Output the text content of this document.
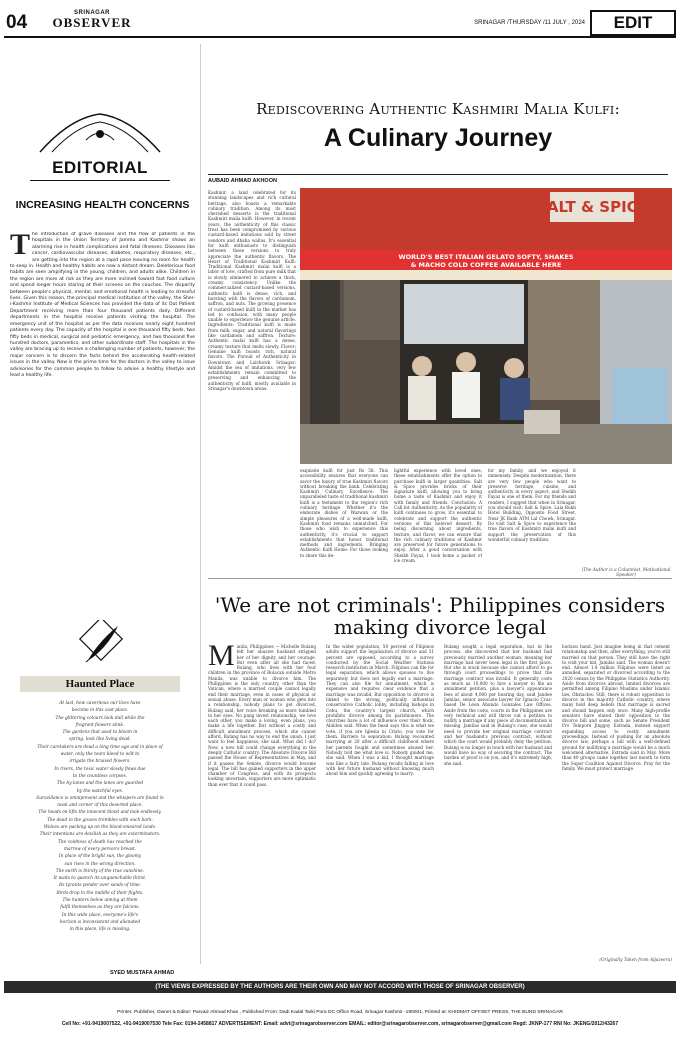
04	SRINAGAR
OBSERVER	SRINAGAR /THURSDAY /11 JULY , 2024	EDIT
EDITORIAL
INCREASING HEALTH CONCERNS
The introduction of grave diseases and the flow of patients in the hospitals in the Union Territory of Jammu and Kashmir shows an alarming rise in health complications and fatal illnesses. Diseases like cancer, cardiovascular diseases, diabetes, respiratory diseases, etc., are getting into the region at a rapid pace leaving no room for health to seep in. Health and healthy habits are now a distant dream. Deleterious food habits are seen amplifying in the young, children, and adults alike. Children in the region are more at risk as they are more inclined toward fast food culture and spend longer hours staring at their screens on the couches. The disparity between people's physical, mental, and emotional health is leading to stressful lives. Given this reason, the principal medical institution of the valley, the Sher-i-Kashmir Institute of Medical Sciences has provided the data of its Out Patient Department receiving more than four thousand patients daily. Different departments in the hospital receive patients visiting the hospital. The emergency unit of the hospital as per the data receives nearly eight hundred patients every day. The capacity of the hospital is one thousand fifty beds, two fifty beds in medical, surgical and pediatric emergency, and two thousand five hundred doctors, paramedics, and other subordinate staff. The hospitals in the valley are bracing up to receive a challenging number of patients, however, the major concern is to discern the facts behind the accelerating health-related issues in the valley. Now is the prime time for the doctors in the valley to issue advisories for the common people to follow to advise a healthy lifestyle and lead a healthy life.
Haunted Place
At last, how cavernous our lives have
become in this vast place.
The glittering colours look dull while the
fragrant flowers stink.
The gardens that used to bloom in
spring, look like living dead.
Their caretakers are dead a long time ago and in place of
water, only the tears bleed to wilt to
irrigate the bruised flowers.
In rivers, the toxic water slowly flows due
to the countless corpses.
The by-lanes and the lanes are guarded
by the watchful eyes.
Surveillance is omnipresent and the whispers are found in
nook and corner of this deserted place.
The heads on lifts the innocent blood and look endlessly.
The dead in the graves trembles with each bark.
Wolves are packing up on the blood-smeared lands.
Their intentions are devilish as they are exterminators.
The coldness of death has reached the
marrow of every person's breast.
In place of the bright sun, the gloomy
sun rises in the wrong direction.
The earth is thirsty of the true sunshine.
It waits to quench its unquenchable thirst.
Its tyrants ponder over sands of time.
Birds drop in the middle of their flights.
The hunters below aiming at them
fulfil themselves as they are falcons.
In this wide place, everyone's life's
horizon is inconsistent and alienated
in this place, life is missing.
SYED MUSTAFA AHMAD
Rediscovering Authentic Kashmiri Malia Kulfi:
A Culinary Journey
AUBAID AHMAD AKHOON
Kashmir, a land celebrated for its stunning landscapes and rich cultural heritage, also boasts a remarkable culinary tradition. Among its most cherished desserts is the traditional Kashmiri malia kulfi. However, in recent years, the authenticity of this classic treat has been compromised by various custard-based imitations sold by street vendors and dhaba wallas. It's essential for kulfi enthusiasts to distinguish between these versions to truly appreciate the authentic flavors. The Heart of Traditional Kashmiri Kulfi: Traditional Kashmiri malai kulfi is a labor of love, crafted from pure milk that is slowly simmered to achieve a thick, creamy consistency. Unlike the commercialized custard-based versions, authentic kulfi is dense, rich, and bursting with the flavors of cardamom, saffron, and nuts. The growing presence of custard-based kulfi in the market has led to confusion, with many people unable to experience the genuine article. Ingredients: Traditional kulfi is made from milk, sugar, and natural flavorings like cardamom and saffron. Texture: Authentic malai kulfi has a dense, creamy texture that melts slowly. Flavor: Genuine kulfi boasts rich, natural flavors. The Pursuit of Authenticity in Downtown and Lalchowk Srinagar: Amidst the sea of imitations, very few establishments remain committed to preserving and enhancing the authenticity of kulfi, mostly available in Srinagar's downtown areas.
SALT & SPICE
WORLD'S BEST ITALIAN GELATO SOFTY, SHAKES
& MACHO COLD COFFEE AVAILABLE HERE
exquisite kulfi for just Rs 58. This accessibility ensures that everyone can savor the luxury of true Kashmiri flavors without breaking the bank. Celebrating Kashmiri Culinary Excellence: The unparalleled taste of traditional Kashmiri kulfi is a testament to the region's rich culinary heritage. Whether it's the elaborate dishes of Wazwan or the simple pleasures of a well-made kulfi, Kashmiri food remains unmatched. For those who wish to experience this authenticity, it's crucial to support establishments that honor traditional methods and ingredients. Bringing Authentic Kulfi Home: For those looking to share this de-
lightful experience with loved ones, these establishments offer the option to purchase kulfi in larger quantities. Salt & Spice provides bricks of their signature kulfi, allowing you to bring home a taste of Kashmir and enjoy it with family and friends. Conclusion: A Call for Authenticity. As the popularity of kulfi continues to grow, it's essential to celebrate and support the authentic versions of this beloved dessert. By being discerning about ingredients, texture, and flavor, we can ensure that the rich culinary traditions of Kashmir are preserved for future generations to enjoy. After a good conversation with Sheikh Fayaz, I took home a packet of ice cream
for my family, and we enjoyed it immensely. Despite modernization, there are very few people who want to preserve heritage, cuisine, and authenticity in every aspect, and Sheikh Fayaz is one of them. For my friends and readers, I suggest that when in Srinagar, you should visit: Salt & Spice, Lala Rukh Hotel Building, Opposite Food Street, Near JK Bank ATM Lal Chowk, Srinagar. Do visit Salt & Spice to experience the true flavors of Kashmiri malai kulfi and support the preservation of this wonderful culinary tradition.
(The Author is a Columnist, Motivational Speaker)
'We are not criminals': Philippines considers making divorce legal
Manila, Philippines — Michelle Bulang felt her abusive husband stripped her of her dignity and her courage. But even after all she had faced, Bulang, who lives with her four children in the province of Bulacan outside Metro Manila, was unable to divorce him. The Philippines is the only country, other than the Vatican, where a married couple cannot legally end their marriage, even in cases of physical or sexual abuse. Every man or woman who gets into a relationship, nobody plans to get divorced, Bulang said, her voice breaking as more tumbled to her eyes. No pang invest relationship, we love each other, you make a loving, even plans, you make a life together. But without a costly and difficult annulment process, which she cannot afford, Bulang has no way to end the union. I just want to feel happiness, she said. What did I do? Now, a new bill could change everything in the deeply Catholic country. The Absolute Divorce Bill passed the House of Representatives in May, and if it passes the Senate, divorce would become legal. The bill has gained supporters in the upper chamber of Congress, and with its prospects looking uncertain, supporters are more optimistic than ever that it could pass.
In the wider population, 50 percent of Filipinos adults support the legalisation of divorce and 31 percent are opposed, according to a survey conducted by the Social Weather Stations research institution in March. Filipinos can file for legal separation, which allows spouses to live separately but does not legally end a marriage. They can also file for annulment, which is expensive and requires clear evidence that a marriage was invalid. But opposition to divorce is linked to the strong, politically influential conservative Catholic lobby, including bishops in Cebu, the country's largest church, which prohibits divorce among its parishioners. The churches have a lot of influence over their flock, Abilden said. When the head says this is what we vote, if you are Iglesia ni Cristo, you vote for them. Barriers to separation: Bulang recounted marrying at 20 after a difficult childhood where her parents fought and sometimes abused her. Nobody told me what love is. Nobody guided me, she said. When I was a kid, I thought marriage was like a fairy tale. Bulang recalls falling in love with her future husband without knowing much about him and quickly agreeing to marry.
Bulang sought a legal separation, but in the process, she discovered that her husband had previously married another woman, meaning her marriage had never been legal in the first place. But she is stuck because she cannot afford to go through court proceedings to prove that the marriage contract was invalid. It generally costs as much as 10,000 to hire a lawyer to file an annulment petition, plus a lawyer's appearance fees of about 4,000 per hearing day, said Jandee Jamilas, senior associate lawyer for Ignacio Cruz-based De Leon Abundo Gonzales Law Offices. Aside from the costs, courts in the Philippines are very technical and will throw out a petition to nullify a marriage if any piece of documentation is missing. Jamilas said in Bulang's case, she would need to provide her original marriage contract and her husband's previous contract, without which the court would probably deny the petition. Bulang is no longer in touch with her husband and would have no way of securing the contract. The burden of proof is on you, and it's extremely high, she said.
horizon band. Just imagine being in that cement relationship and then, after everything, you're still married on that person. They still have the right to visit your kid, Jamilas said. The woman doesn't end. Almost 1.8 million Filipinos were listed as annulled, separated or divorced according to the 2020 census by the Philippine Statistics Authority. Aside from divorces abroad, limited divorces are permitted among Filipino Muslims under Islamic law. Obstacles: Still, there is robust opposition to divorce in the majority Catholic country, where many hold deep beliefs that marriage is sacred and should happen only once. Many high-profile senators have stated their opposition to the divorce bill and some, such as Senate President Pro Tempore Jinggoy Estrada, instead support expanding access to costly annulment proceedings. Instead of pushing for an absolute divorce law, perhaps a bill with a well-defined ground for nullifying a marriage would be a much welcomed alternative, Estrada said in May. More than 40 groups came together last month to form the Super Coalition Against Divorce. Pray for the family. We must protect marriage.
(Originally Taken from Aljazeera)
(THE VIEWS EXPRESSED BY THE AUTHORS ARE THEIR OWN AND MAY NOT ACCORD WITH THOSE OF SRINAGAR OBSERVER)
Printer, Publisher, Owner & Editor: Parvaiz Ahmad Khan , Published From: Dadi Kadal Tarki Pora DC Office Road, Srinagar Kashmir -190001, Printed at: KHIDMAT OFFSET PRESS, THE BUND SRINAGAR
Cell No: +91-9419007522, +91-9419007530 Tele Fax: 0194-2458817 ADVERTISEMENT: Email: advt@srinagarobserver.com EMAIL: editor@srinagarobserver.com, srinagarobserver@gmail.com Regd: JKNP-177 RNI No: JKENG/2012/43267
